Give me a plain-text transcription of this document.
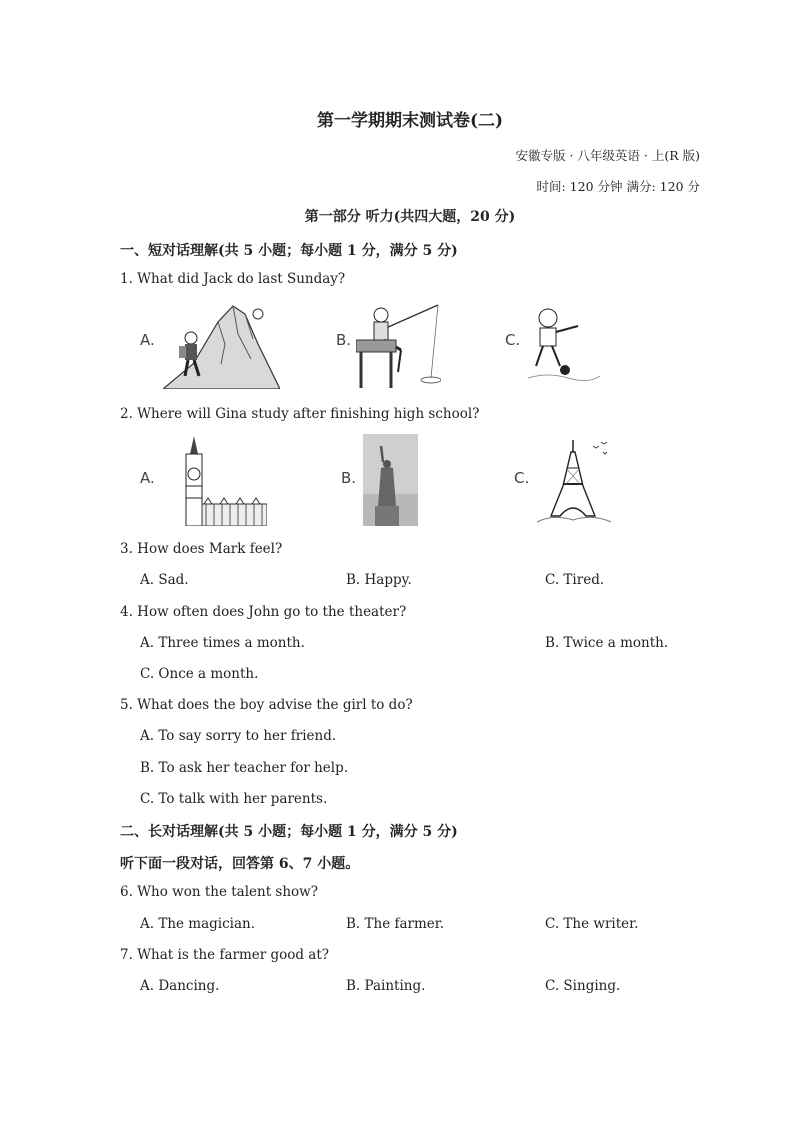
第一学期期末测试卷(二)
安徽专版 · 八年级英语 · 上(R 版)
时间: 120 分钟 满分: 120 分
第一部分 听力(共四大题，20 分)
一、短对话理解(共 5 小题；每小题 1 分，满分 5 分)
1. What did Jack do last Sunday?
A.	B.	C.
2. Where will Gina study after finishing high school?
A.	B.	C.
3. How does Mark feel?
A. Sad.	B. Happy.	C. Tired.
4. How often does John go to the theater?
A. Three times a month.	B. Twice a month.
C. Once a month.
5. What does the boy advise the girl to do?
A. To say sorry to her friend.
B. To ask her teacher for help.
C. To talk with her parents.
二、长对话理解(共 5 小题；每小题 1 分，满分 5 分)
听下面一段对话，回答第 6、7 小题。
6. Who won the talent show?
A. The magician.	B. The farmer.	C. The writer.
7. What is the farmer good at?
A. Dancing.	B. Painting.	C. Singing.
